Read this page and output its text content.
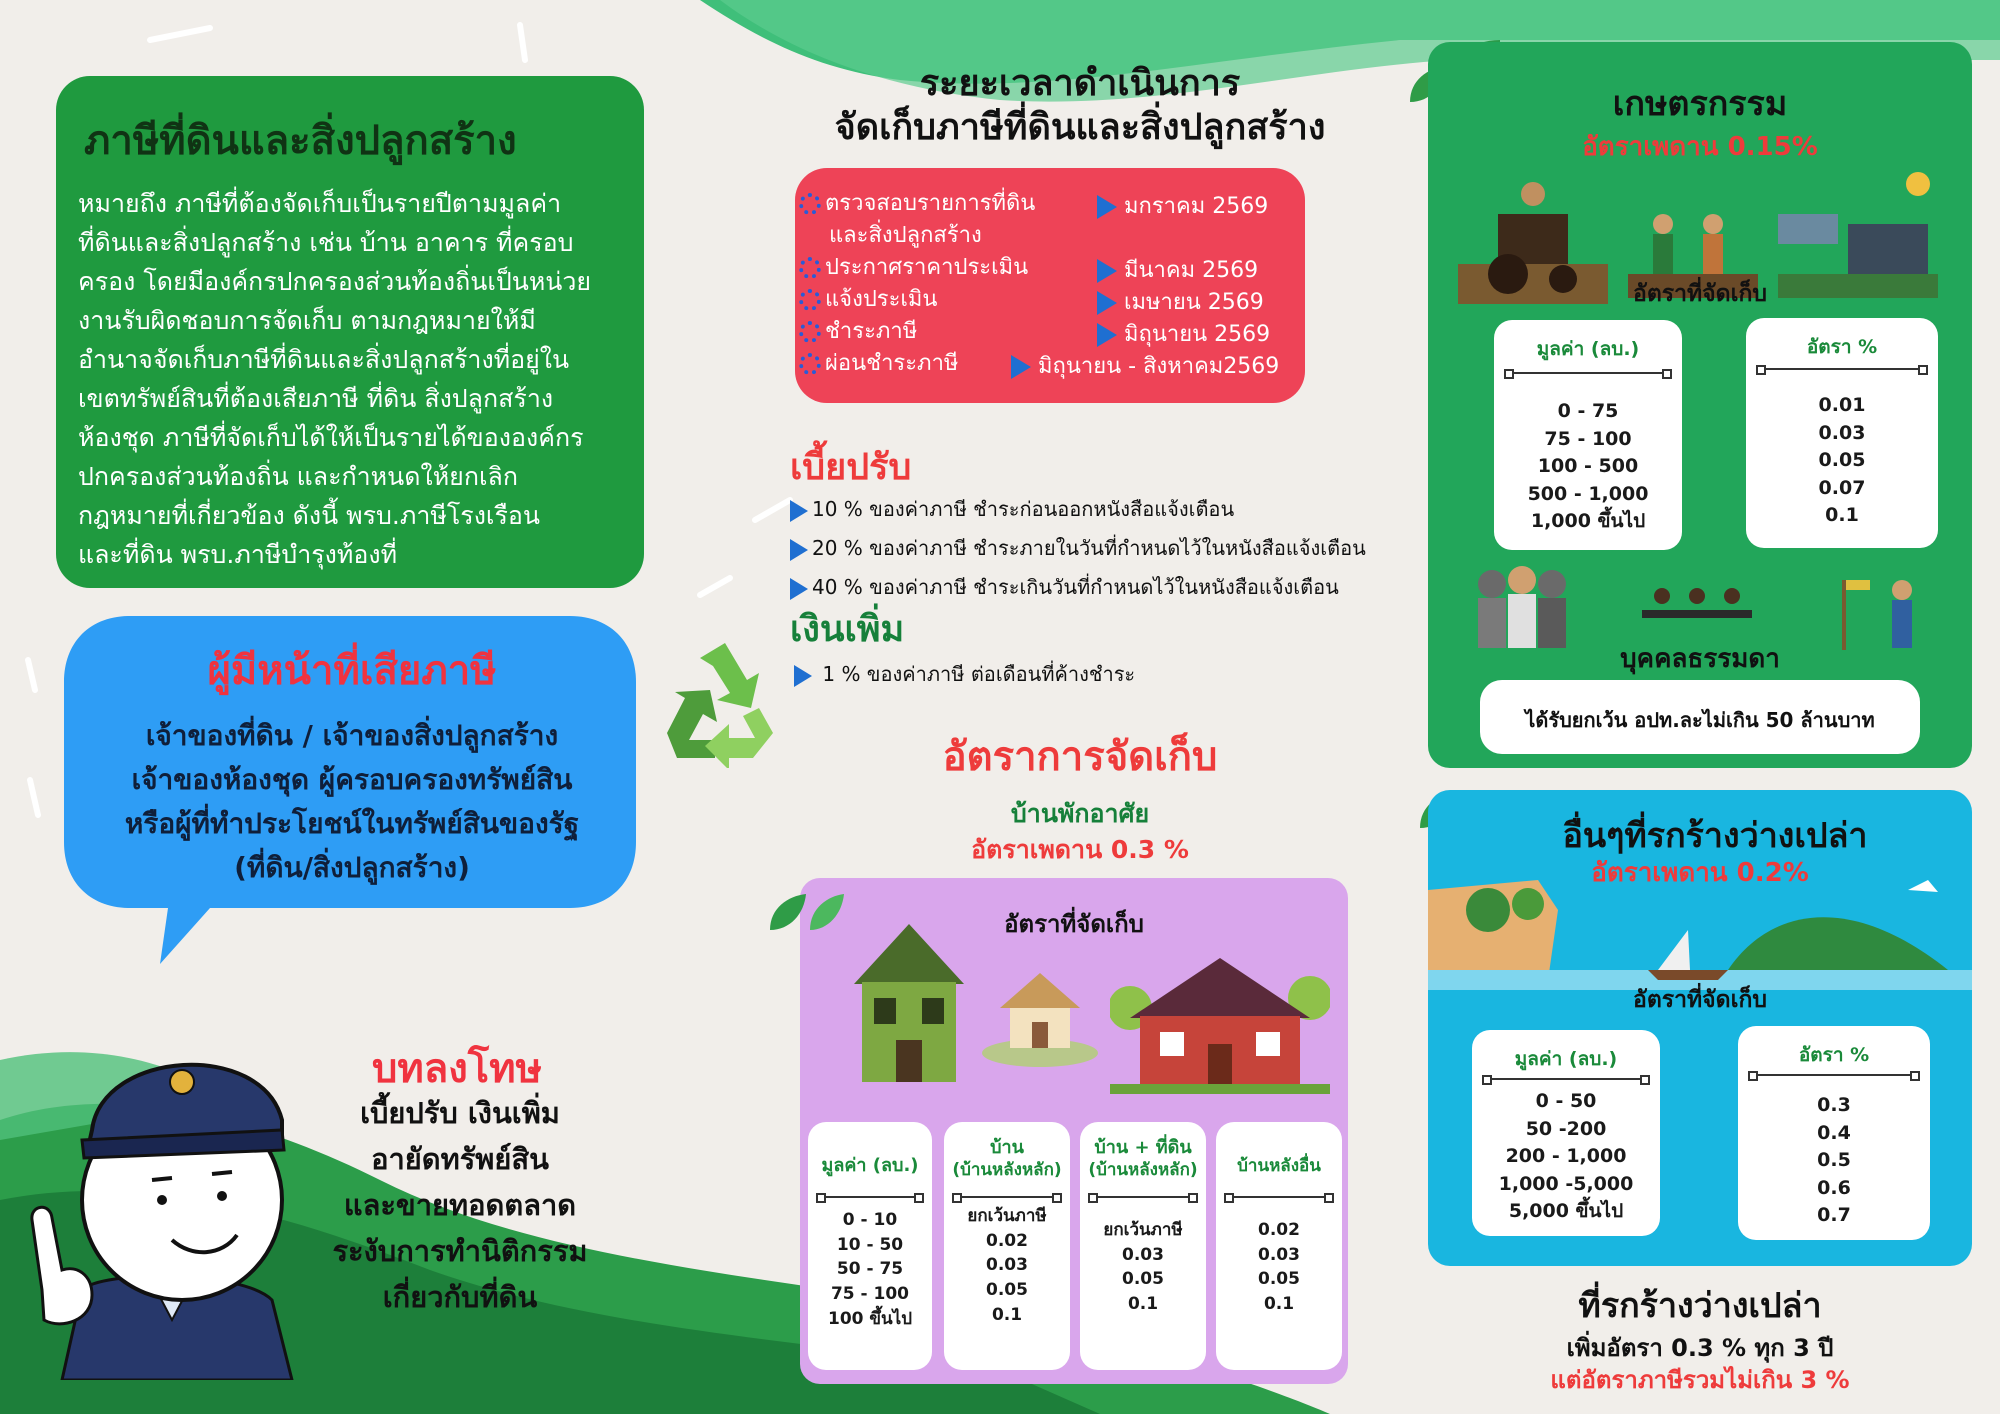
ภาษีที่ดินและสิ่งปลูกสร้าง
หมายถึง ภาษีที่ต้องจัดเก็บเป็นรายปีตามมูลค่า
ที่ดินและสิ่งปลูกสร้าง เช่น บ้าน อาคาร ที่ครอบ
ครอง โดยมีองค์กรปกครองส่วนท้องถิ่นเป็นหน่วย
งานรับผิดชอบการจัดเก็บ ตามกฎหมายให้มี
อำนาจจัดเก็บภาษีที่ดินและสิ่งปลูกสร้างที่อยู่ใน
เขตทรัพย์สินที่ต้องเสียภาษี ที่ดิน สิ่งปลูกสร้าง
ห้องชุด ภาษีที่จัดเก็บได้ให้เป็นรายได้ขององค์กร
ปกครองส่วนท้องถิ่น และกำหนดให้ยกเลิก
กฎหมายที่เกี่ยวข้อง ดังนี้ พรบ.ภาษีโรงเรือน
และที่ดิน พรบ.ภาษีบำรุงท้องที่
ผู้มีหน้าที่เสียภาษี
เจ้าของที่ดิน / เจ้าของสิ่งปลูกสร้าง
เจ้าของห้องชุด ผู้ครอบครองทรัพย์สิน
หรือผู้ที่ทำประโยชน์ในทรัพย์สินของรัฐ
(ที่ดิน/สิ่งปลูกสร้าง)
บทลงโทษ
เบี้ยปรับ เงินเพิ่ม
อายัดทรัพย์สิน
และขายทอดตลาด
ระงับการทำนิติกรรม
เกี่ยวกับที่ดิน
ระยะเวลาดำเนินการ
จัดเก็บภาษีที่ดินและสิ่งปลูกสร้าง
ตรวจสอบรายการที่ดิน
และสิ่งปลูกสร้าง
ประกาศราคาประเมิน
แจ้งประเมิน
ชำระภาษี
ผ่อนชำระภาษี
มกราคม 2569
มีนาคม 2569
เมษายน 2569
มิถุนายน 2569
มิถุนายน - สิงหาคม2569
เบี้ยปรับ
10 % ของค่าภาษี ชำระก่อนออกหนังสือแจ้งเตือน
20 % ของค่าภาษี ชำระภายในวันที่กำหนดไว้ในหนังสือแจ้งเตือน
40 % ของค่าภาษี ชำระเกินวันที่กำหนดไว้ในหนังสือแจ้งเตือน
เงินเพิ่ม
1 % ของค่าภาษี ต่อเดือนที่ค้างชำระ
อัตราการจัดเก็บ
บ้านพักอาศัย
อัตราเพดาน 0.3 %
อัตราที่จัดเก็บ
มูลค่า (ลบ.)
0 - 10
10 - 50
50 - 75
75 - 100
100 ขึ้นไป
บ้าน
(บ้านหลังหลัก)
ยกเว้นภาษี
0.02
0.03
0.05
0.1
บ้าน + ที่ดิน
(บ้านหลังหลัก)
ยกเว้นภาษี
0.03
0.05
0.1
บ้านหลังอื่น
0.02
0.03
0.05
0.1
เกษตรกรรม
อัตราเพดาน 0.15%
อัตราที่จัดเก็บ
มูลค่า (ลบ.)
0 - 75
75 - 100
100 - 500
500 - 1,000
1,000 ขึ้นไป
อัตรา %
0.01
0.03
0.05
0.07
0.1
บุคคลธรรมดา
ได้รับยกเว้น อปท.ละไม่เกิน 50 ล้านบาท
อื่นๆที่รกร้างว่างเปล่า
อัตราเพดาน 0.2%
อัตราที่จัดเก็บ
มูลค่า (ลบ.)
0 - 50
50 -200
200 - 1,000
1,000 -5,000
5,000 ขึ้นไป
อัตรา %
0.3
0.4
0.5
0.6
0.7
ที่รกร้างว่างเปล่า
เพิ่มอัตรา 0.3 % ทุก 3 ปี
แต่อัตราภาษีรวมไม่เกิน 3 %
